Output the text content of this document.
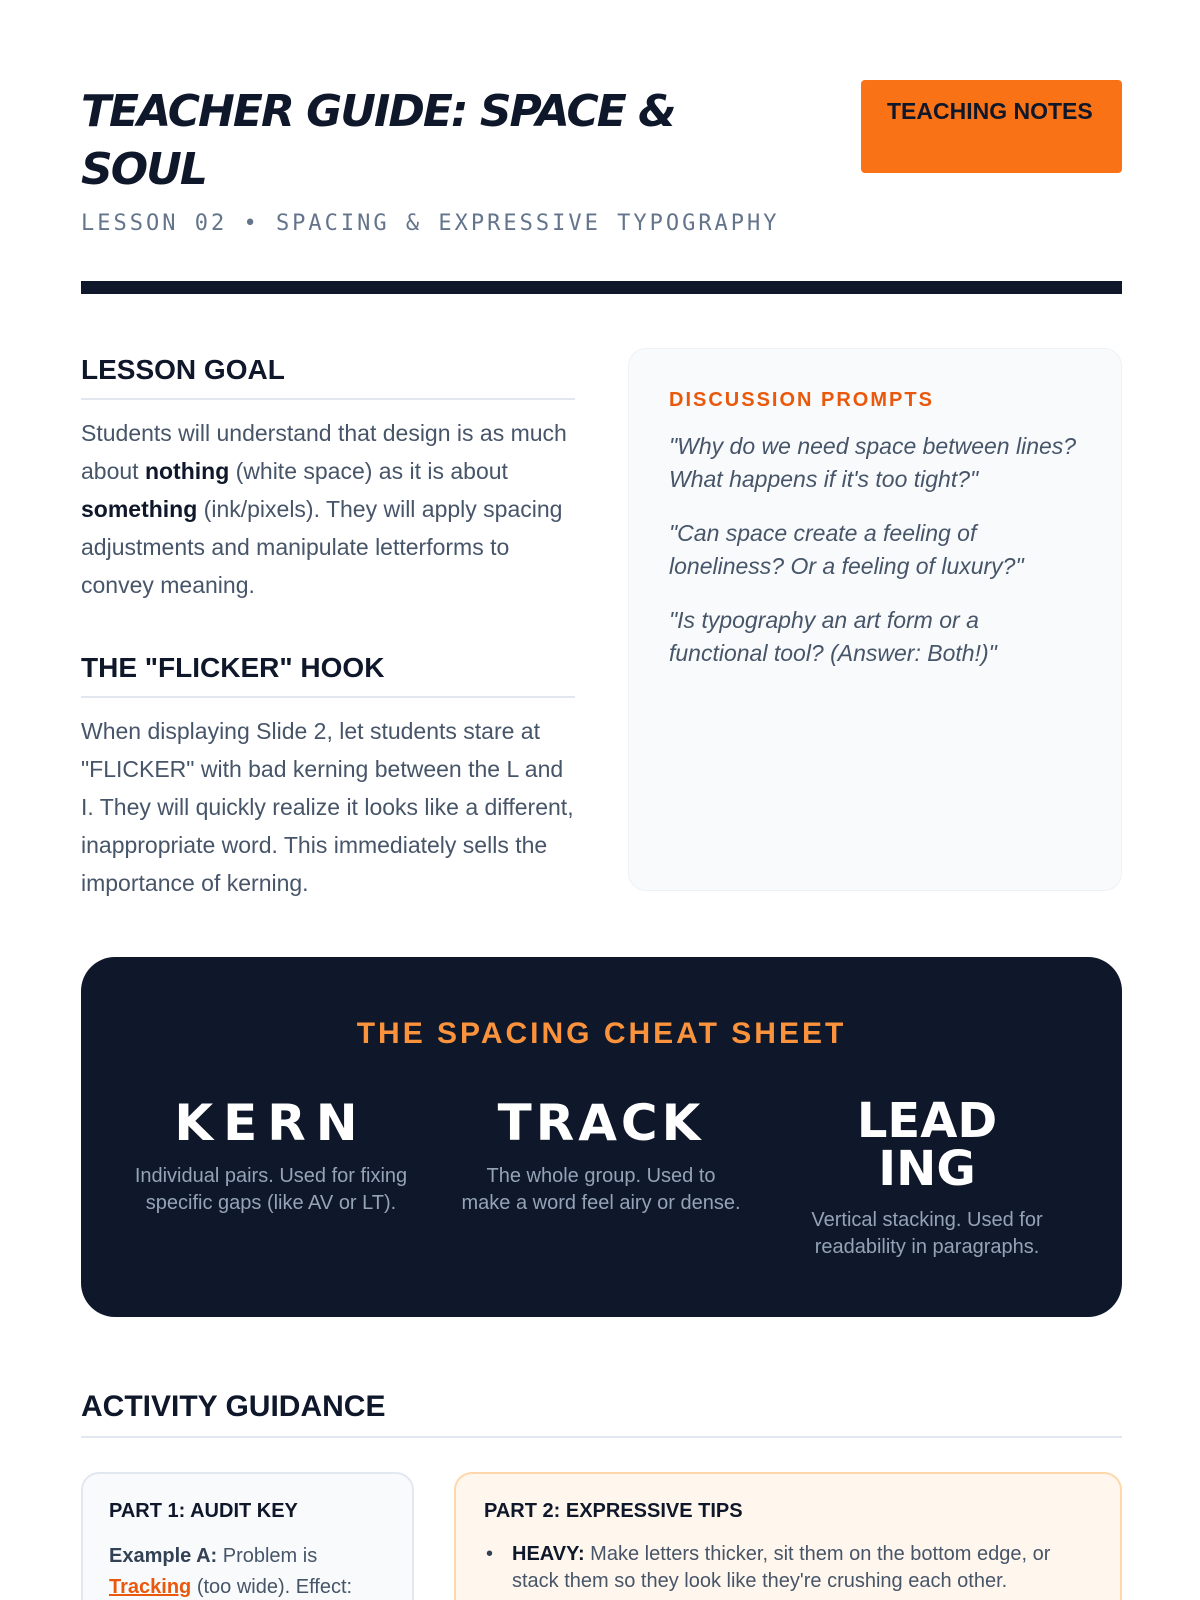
TEACHER GUIDE: SPACE & SOUL
TEACHING NOTES
LESSON 02 • SPACING & EXPRESSIVE TYPOGRAPHY
LESSON GOAL

Students will understand that design is as much about nothing (white space) as it is about something (ink/pixels). They will apply spacing adjustments and manipulate letterforms to convey meaning.

THE "FLICKER" HOOK

When displaying Slide 2, let students stare at "FLICKER" with bad kerning between the L and I. They will quickly realize it looks like a different, inappropriate word. This immediately sells the importance of kerning.

DISCUSSION PROMPTS

"Why do we need space between lines? What happens if it's too tight?"

"Can space create a feeling of loneliness? Or a feeling of luxury?"

"Is typography an art form or a functional tool? (Answer: Both!)"

THE SPACING CHEAT SHEET
KERN
Individual pairs. Used for fixing specific gaps (like AV or LT).
TRACK
The whole group. Used to make a word feel airy or dense.
LEAD
ING
Vertical stacking. Used for readability in paragraphs.
ACTIVITY GUIDANCE
PART 1: AUDIT KEY

Example A: Problem is Tracking (too wide). Effect:

PART 2: EXPRESSIVE TIPS
• HEAVY: Make letters thicker, sit them on the bottom edge, or stack them so they look like they're crushing each other.
